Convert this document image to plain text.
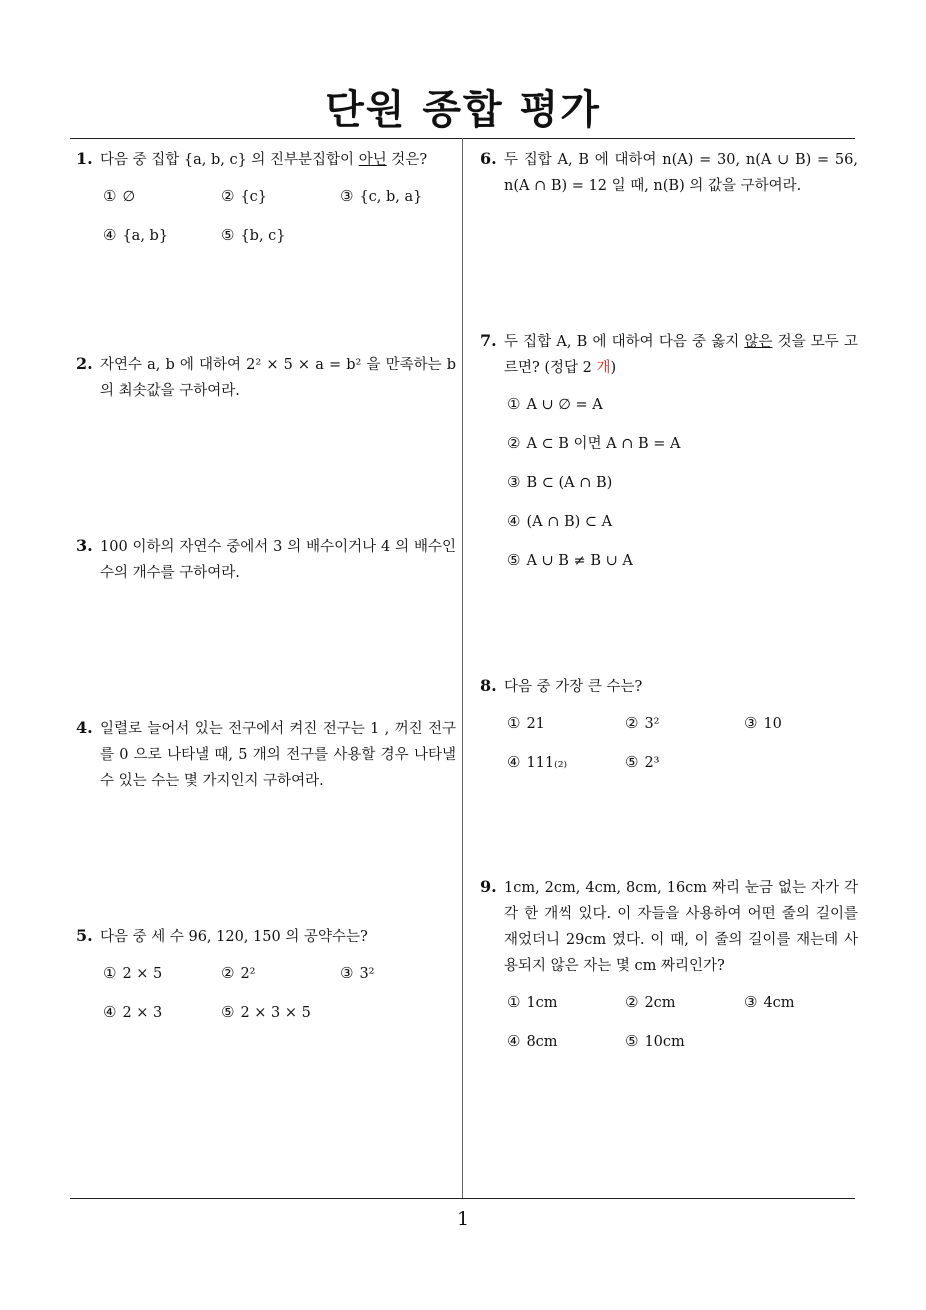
단원 종합 평가
1. 다음 중 집합 {a, b, c} 의 진부분집합이 아닌 것은?
① ∅	② {c}	③ {c, b, a}
④ {a, b}	⑤ {b, c}
2. 자연수 a, b 에 대하여 2² × 5 × a = b² 을 만족하는 b 의 최솟값을 구하여라.
3. 100 이하의 자연수 중에서 3 의 배수이거나 4 의 배수인 수의 개수를 구하여라.
4. 일렬로 늘어서 있는 전구에서 켜진 전구는 1 , 꺼진 전구를 0 으로 나타낼 때, 5 개의 전구를 사용할 경우 나타낼 수 있는 수는 몇 가지인지 구하여라.
5. 다음 중 세 수 96, 120, 150 의 공약수는?
① 2 × 5	② 2²	③ 3²
④ 2 × 3	⑤ 2 × 3 × 5
6. 두 집합 A, B 에 대하여 n(A) = 30, n(A ∪ B) = 56, n(A ∩ B) = 12 일 때, n(B) 의 값을 구하여라.
7. 두 집합 A, B 에 대하여 다음 중 옳지 않은 것을 모두 고르면? (정답 2 개)
① A ∪ ∅ = A
② A ⊂ B 이면 A ∩ B = A
③ B ⊂ (A ∩ B)
④ (A ∩ B) ⊂ A
⑤ A ∪ B ≠ B ∪ A
8. 다음 중 가장 큰 수는?
① 21	② 3²	③ 10
④ 111₍₂₎	⑤ 2³
9. 1cm, 2cm, 4cm, 8cm, 16cm 짜리 눈금 없는 자가 각각 한 개씩 있다. 이 자들을 사용하여 어떤 줄의 길이를 재었더니 29cm 였다. 이 때, 이 줄의 길이를 재는데 사용되지 않은 자는 몇 cm 짜리인가?
① 1cm	② 2cm	③ 4cm
④ 8cm	⑤ 10cm
1
